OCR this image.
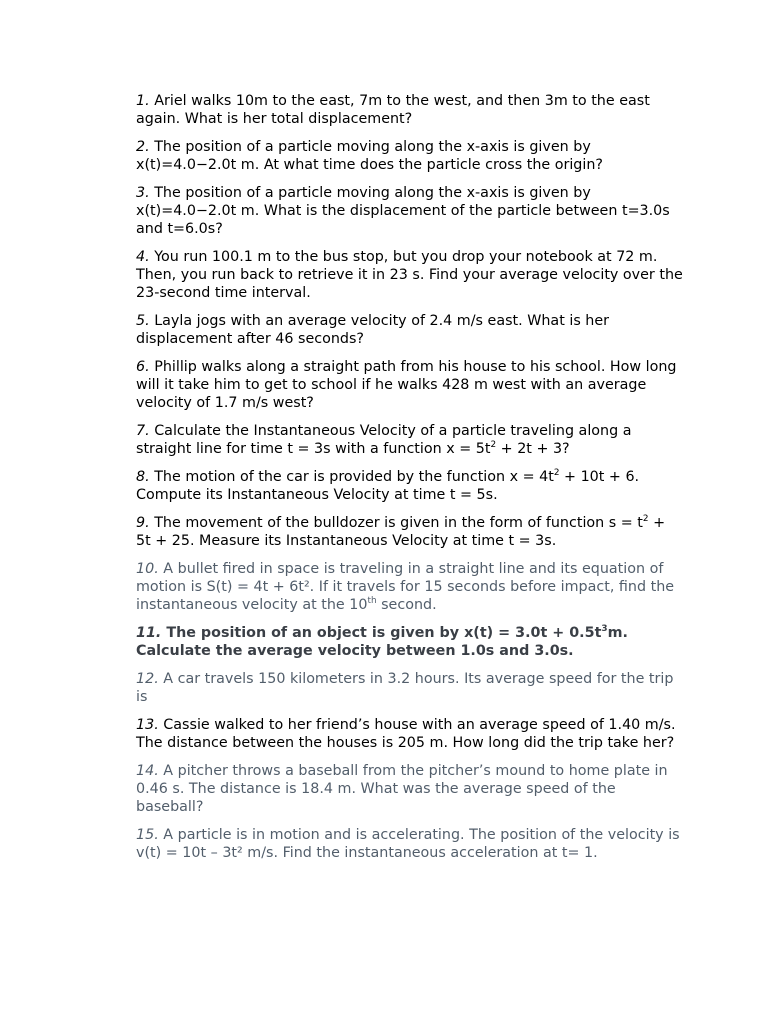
1. Ariel walks 10m to the east, 7m to the west, and then 3m to the east again. What is her total displacement?

2. The position of a particle moving along the x-axis is given by x(t)=4.0−2.0t m. At what time does the particle cross the origin?

3. The position of a particle moving along the x-axis is given by x(t)=4.0−2.0t m. What is the displacement of the particle between t=3.0s and t=6.0s?

4. You run 100.1 m to the bus stop, but you drop your notebook at 72 m.
Then, you run back to retrieve it in 23 s. Find your average velocity over the 23-second time interval.

5. Layla jogs with an average velocity of 2.4 m/s east. What is her displacement after 46 seconds?

6. Phillip walks along a straight path from his house to his school. How long will it take him to get to school if he walks 428 m west with an average velocity of 1.7 m/s west?

7. Calculate the Instantaneous Velocity of a particle traveling along a straight line for time t = 3s with a function $x = 5t^2 + 2t + 3$?

8. The motion of the car is provided by the function $x = 4t^2 + 10t + 6$. Compute its Instantaneous Velocity at time t = 5s.

9. The movement of the bulldozer is given in the form of function $s = t^2 + 5t + 25$. Measure its Instantaneous Velocity at time t = 3s.

10. A bullet fired in space is traveling in a straight line and its equation of motion is S(t) = 4t + 6t². If it travels for 15 seconds before impact, find the instantaneous velocity at the 10th second.

11. The position of an object is given by $x(t) = 3.0t + 0.5t^3m$. Calculate the average velocity between 1.0s and 3.0s.

12. A car travels 150 kilometers in 3.2 hours. Its average speed for the trip is

13. Cassie walked to her friend’s house with an average speed of 1.40 m/s. The distance between the houses is 205 m. How long did the trip take her?

14. A pitcher throws a baseball from the pitcher’s mound to home plate in 0.46 s. The distance is 18.4 m. What was the average speed of the baseball?

15. A particle is in motion and is accelerating. The position of the velocity is v(t) = 10t – 3t² m/s. Find the instantaneous acceleration at t= 1.
